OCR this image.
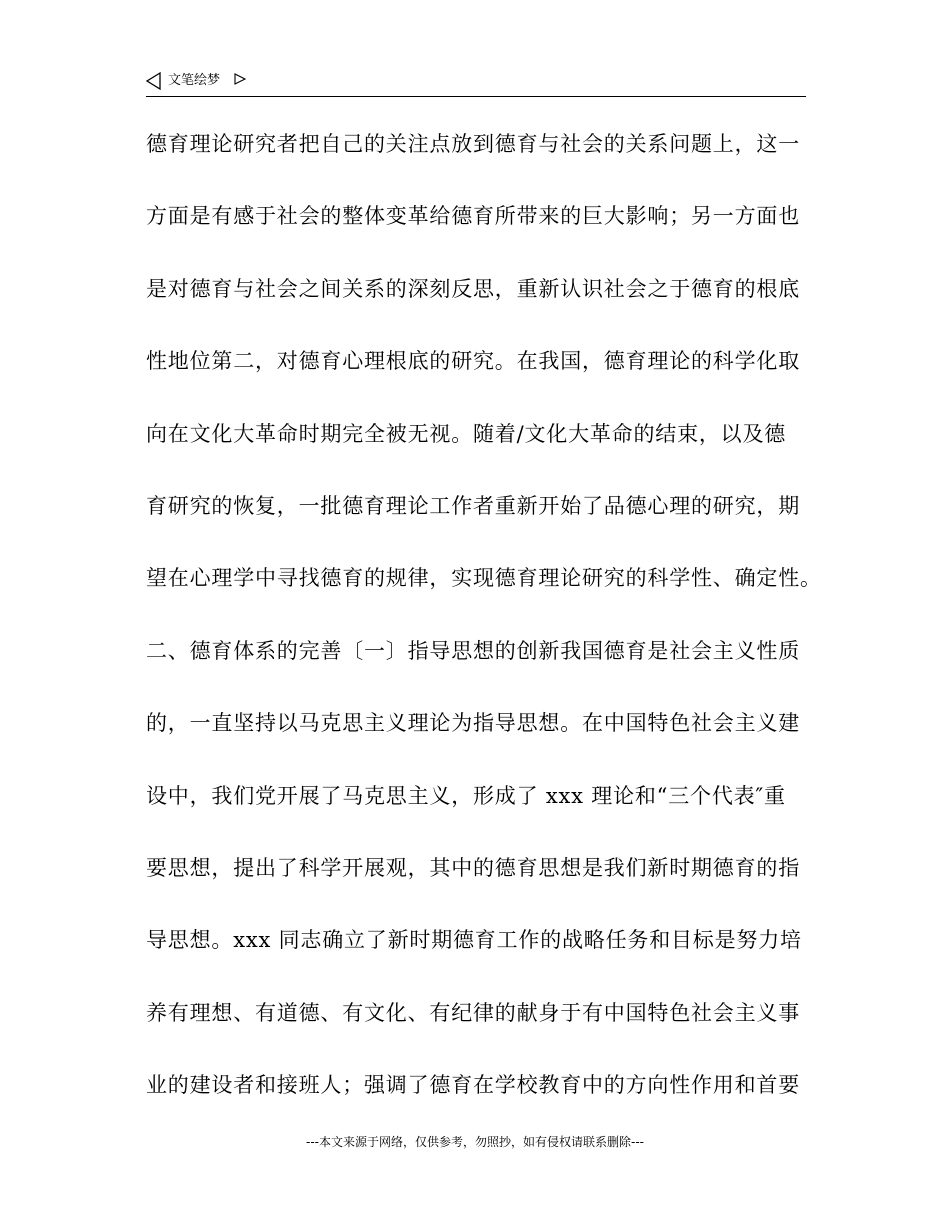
文笔绘梦
德育理论研究者把自己的关注点放到德育与社会的关系问题上，这一
方面是有感于社会的整体变革给德育所带来的巨大影响；另一方面也
是对德育与社会之间关系的深刻反思，重新认识社会之于德育的根底
性地位第二，对德育心理根底的研究。在我国，德育理论的科学化取
向在文化大革命时期完全被无视。随着/文化大革命的结束，以及德
育研究的恢复，一批德育理论工作者重新开始了品德心理的研究，期
望在心理学中寻找德育的规律，实现德育理论研究的科学性、确定性。
二、德育体系的完善〔一〕指导思想的创新我国德育是社会主义性质
的，一直坚持以马克思主义理论为指导思想。在中国特色社会主义建
设中，我们党开展了马克思主义，形成了 xxx 理论和“三个代表″重
要思想，提出了科学开展观，其中的德育思想是我们新时期德育的指
导思想。xxx 同志确立了新时期德育工作的战略任务和目标是努力培
养有理想、有道德、有文化、有纪律的献身于有中国特色社会主义事
业的建设者和接班人；强调了德育在学校教育中的方向性作用和首要
---本文来源于网络，仅供参考，勿照抄，如有侵权请联系删除---
